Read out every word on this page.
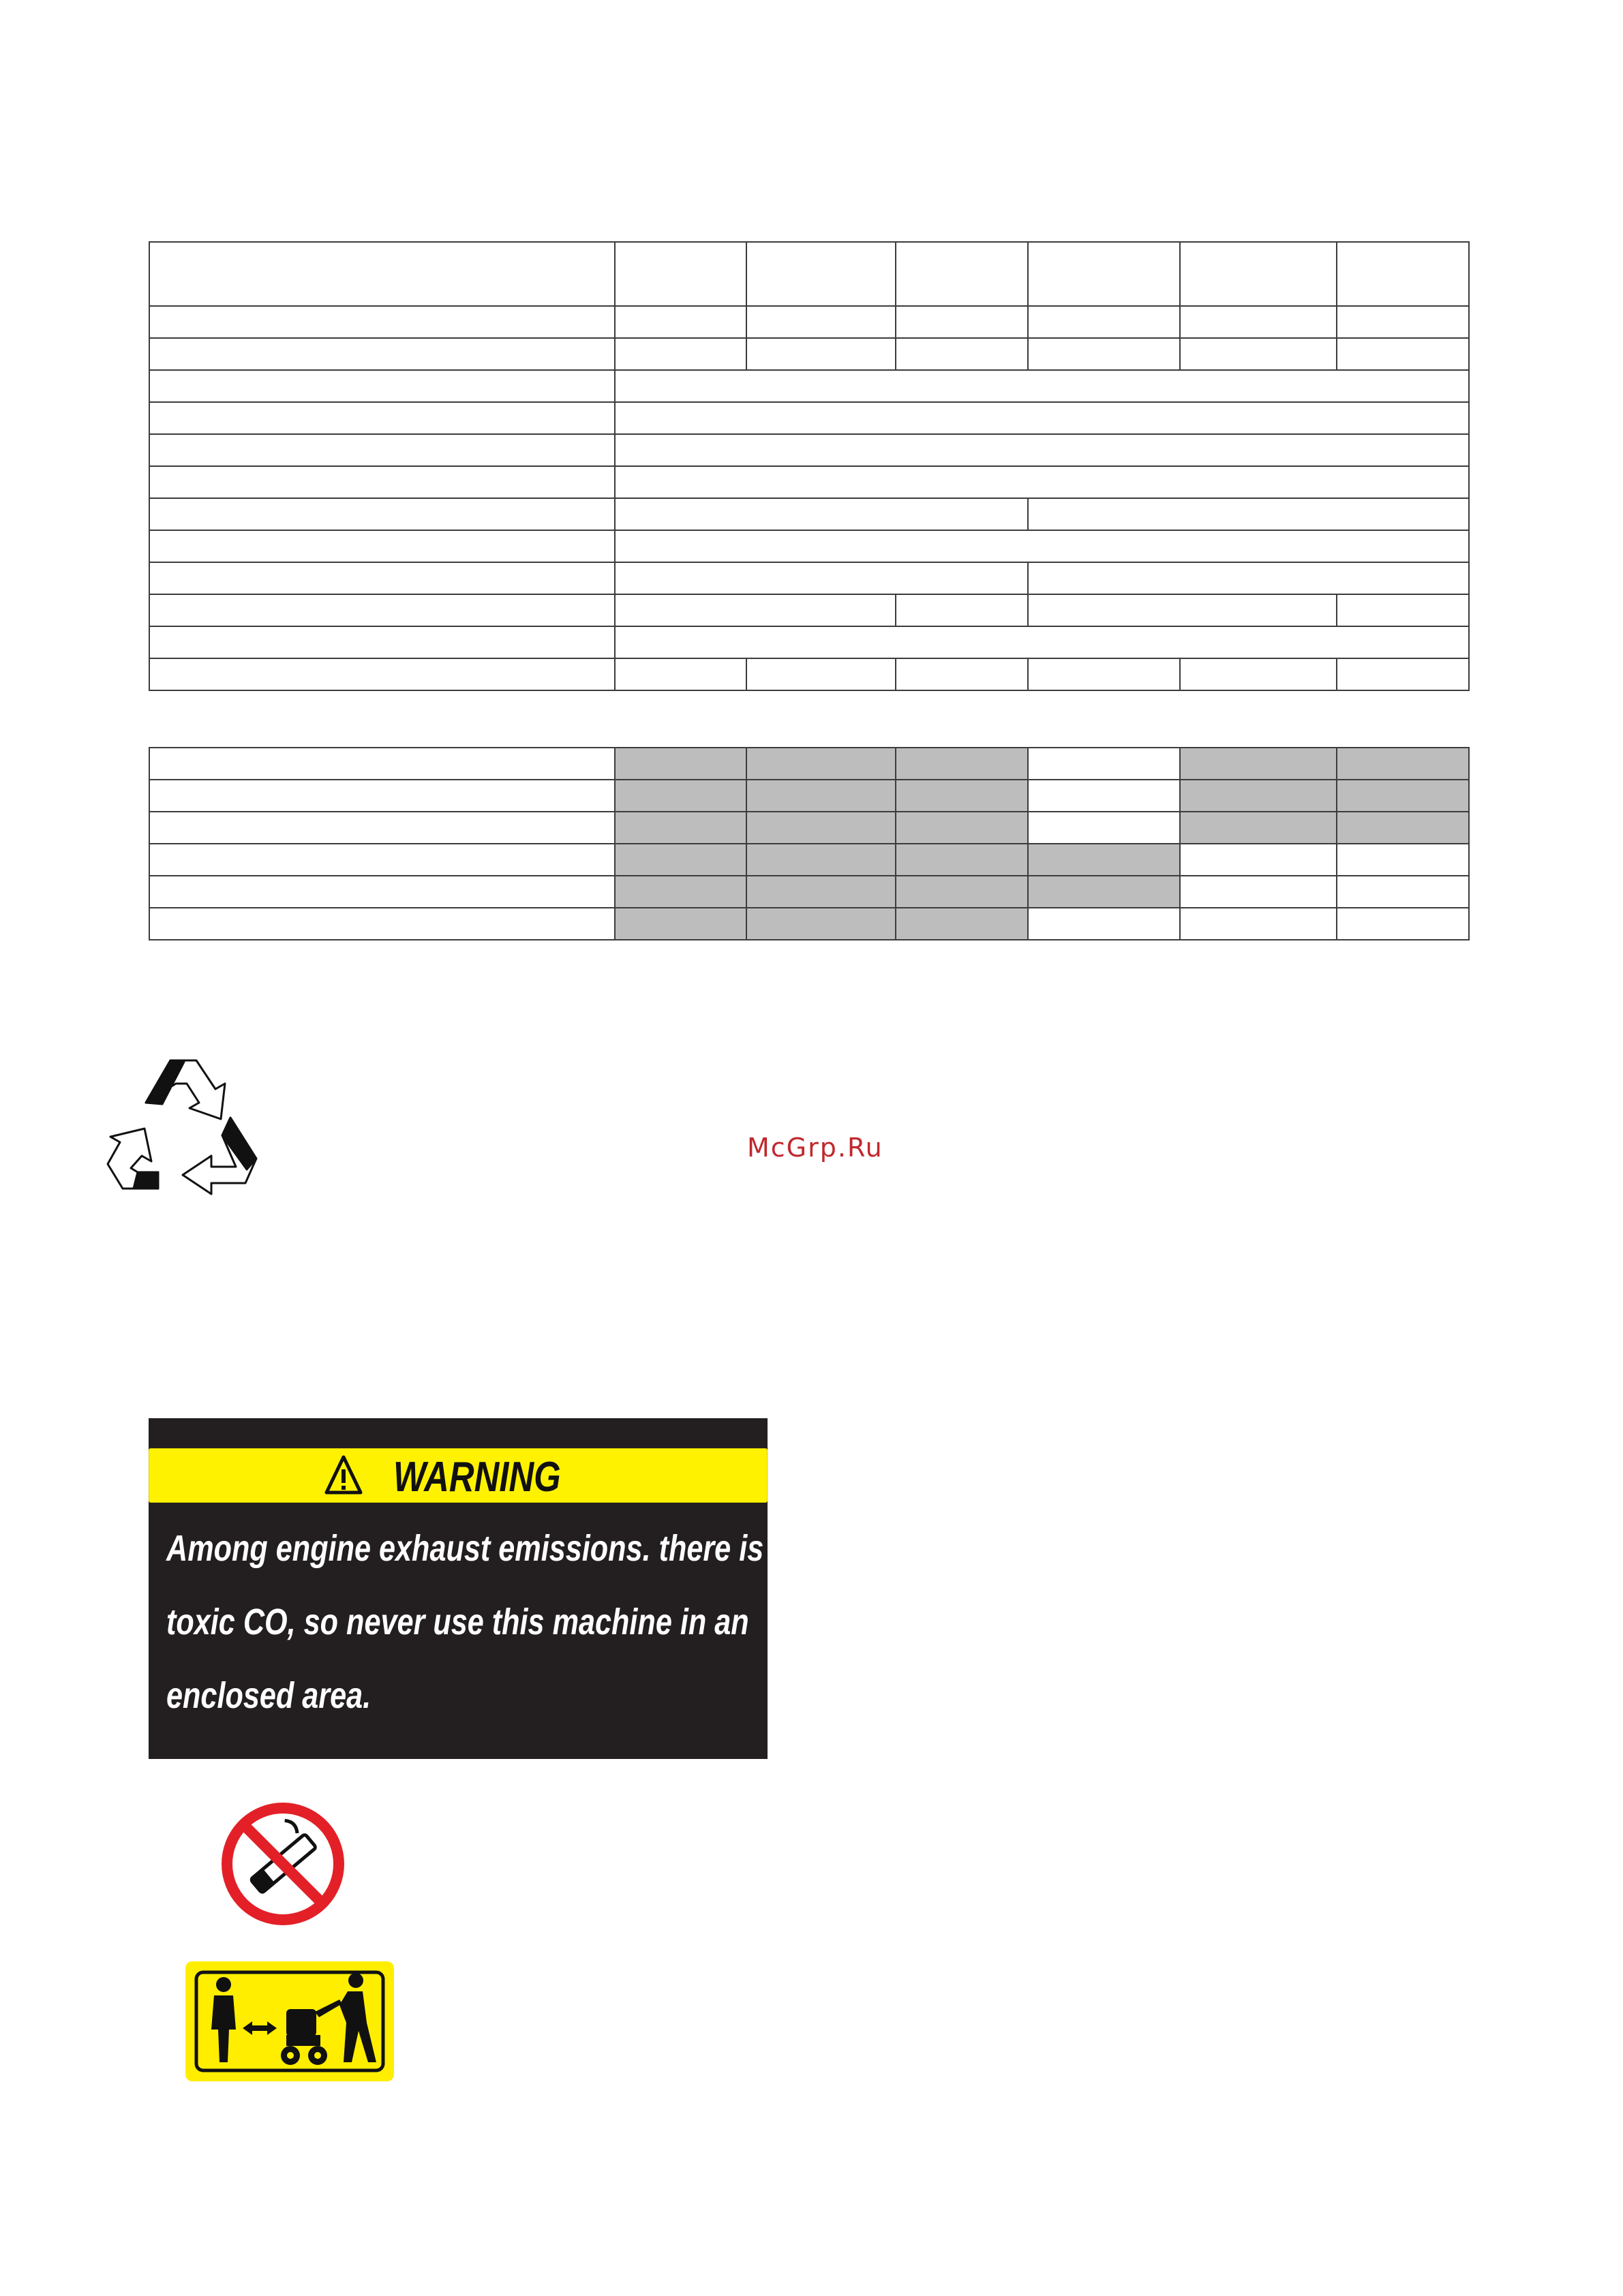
McGrp.Ru
WARNING
Among engine exhaust emissions. there is
toxic CO, so never use this machine in an
enclosed area.
